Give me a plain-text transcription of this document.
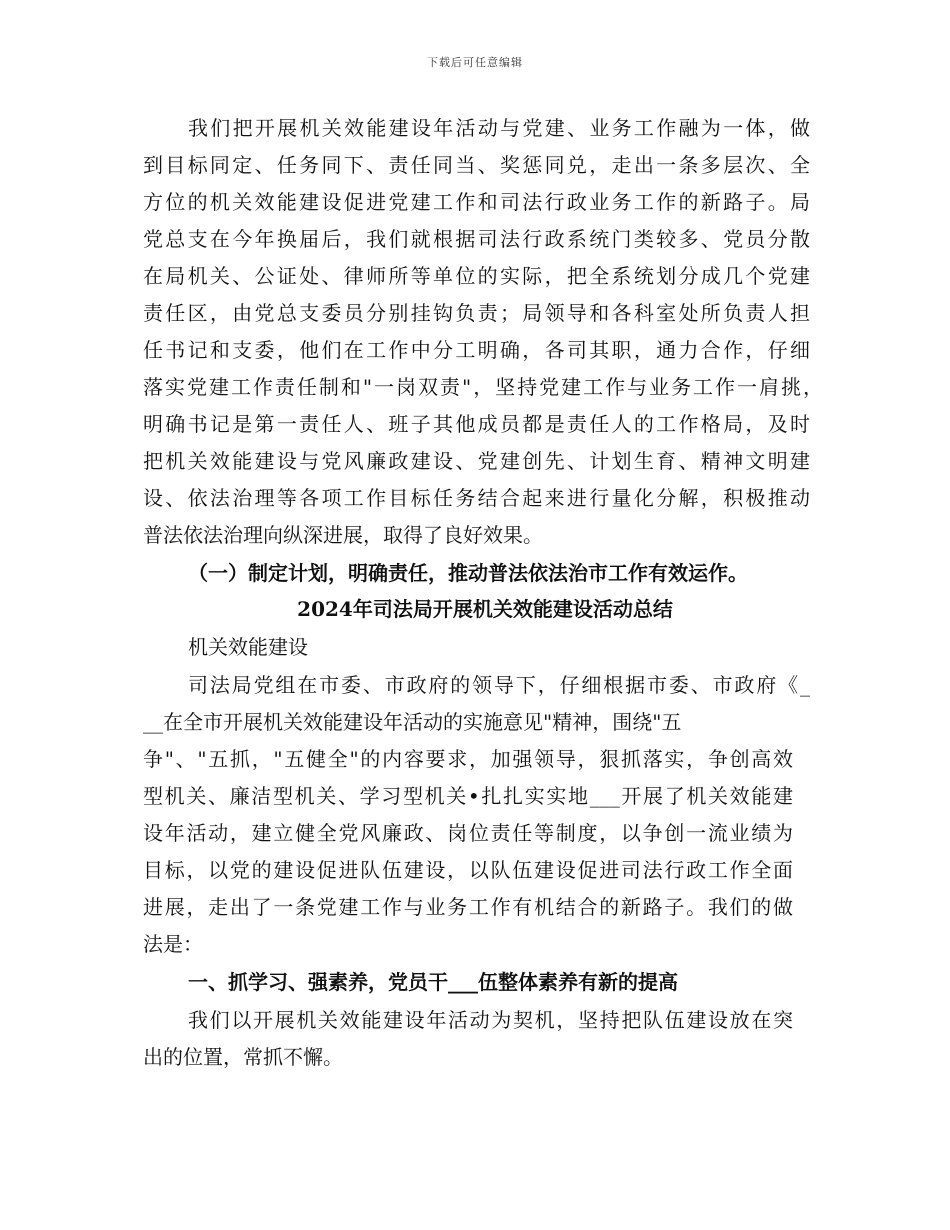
下载后可任意编辑
我们把开展机关效能建设年活动与党建、业务工作融为一体，做
到目标同定、任务同下、责任同当、奖惩同兑，走出一条多层次、全
方位的机关效能建设促进党建工作和司法行政业务工作的新路子。局
党总支在今年换届后，我们就根据司法行政系统门类较多、党员分散
在局机关、公证处、律师所等单位的实际，把全系统划分成几个党建
责任区，由党总支委员分别挂钩负责；局领导和各科室处所负责人担
任书记和支委，他们在工作中分工明确，各司其职，通力合作，仔细
落实党建工作责任制和"一岗双责"，坚持党建工作与业务工作一肩挑，
明确书记是第一责任人、班子其他成员都是责任人的工作格局，及时
把机关效能建设与党风廉政建设、党建创先、计划生育、精神文明建
设、依法治理等各项工作目标任务结合起来进行量化分解，积极推动
普法依法治理向纵深进展，取得了良好效果。
（一）制定计划，明确责任，推动普法依法治市工作有效运作。
2024年司法局开展机关效能建设活动总结
机关效能建设
司法局党组在市委、市政府的领导下，仔细根据市委、市政府《_
__在全市开展机关效能建设年活动的实施意见"精神，围绕"五
争"、"五抓，"五健全"的内容要求，加强领导，狠抓落实，争创高效
型机关、廉洁型机关、学习型机关•扎扎实实地___开展了机关效能建
设年活动，建立健全党风廉政、岗位责任等制度，以争创一流业绩为
目标，以党的建设促进队伍建设，以队伍建设促进司法行政工作全面
进展，走出了一条党建工作与业务工作有机结合的新路子。我们的做
法是：
一、抓学习、强素养，党员干___伍整体素养有新的提高
我们以开展机关效能建设年活动为契机，坚持把队伍建设放在突
出的位置，常抓不懈。
